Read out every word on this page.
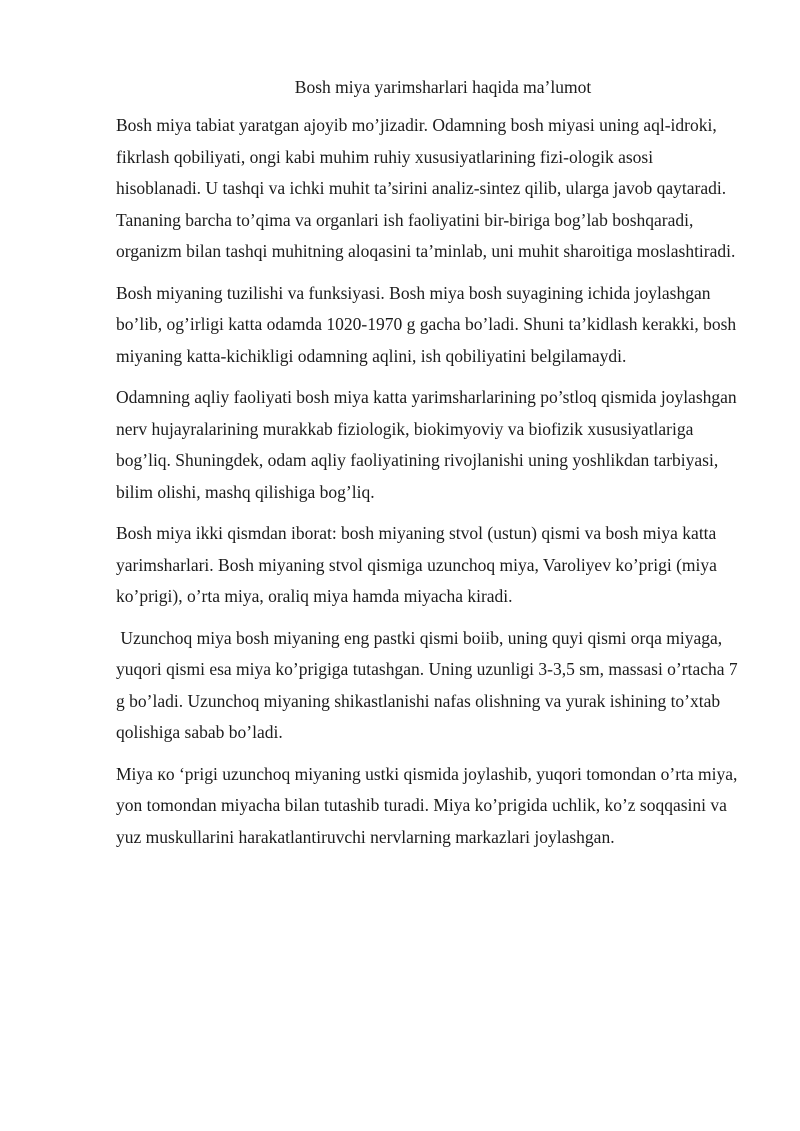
Bosh miya yarimsharlari haqida ma’lumot

Bosh miya tabiat yaratgan ajoyib mo’jizadir. Odamning bosh miyasi uning aql-idroki, fikrlash qobiliyati, ongi kabi muhim ruhiy xususiyatlarining fizi-ologik asosi hisoblanadi. U tashqi va ichki muhit ta’sirini analiz-sintez qilib, ularga javob qaytaradi. Tananing barcha to’qima va organlari ish faoliyatini bir-biriga bog’lab boshqaradi, organizm bilan tashqi muhitning aloqasini ta’minlab, uni muhit sharoitiga moslashtiradi.

Bosh miyaning tuzilishi va funksiyasi. Bosh miya bosh suyagining ichida joylashgan bo’lib, og’irligi katta odamda 1020-1970 g gacha bo’ladi. Shuni ta’kidlash kerakki, bosh miyaning katta-kichikligi odamning aqlini, ish qobiliyatini belgilamaydi.

Odamning aqliy faoliyati bosh miya katta yarimsharlarining po’stloq qismida joylashgan nerv hujayralarining murakkab fiziologik, biokimyoviy va biofizik xususiyatlariga bog’liq. Shuningdek, odam aqliy faoliyatining rivojlanishi uning yoshlikdan tarbiyasi, bilim olishi, mashq qilishiga bog’liq.

Bosh miya ikki qismdan iborat: bosh miyaning stvol (ustun) qismi va bosh miya katta yarimsharlari. Bosh miyaning stvol qismiga uzunchoq miya, Varoliyev ko’prigi (miya ko’prigi), o’rta miya, oraliq miya hamda miyacha kiradi.

Uzunchoq miya bosh miyaning eng pastki qismi boiib, uning quyi qismi orqa miyaga, yuqori qismi esa miya ko’prigiga tutashgan. Uning uzunligi 3-3,5 sm, massasi o’rtacha 7 g bo’ladi. Uzunchoq miyaning shikastlanishi nafas olishning va yurak ishining to’xtab qolishiga sabab bo’ladi.

Miya кo ‘prigi uzunchoq miyaning ustki qismida joylashib, yuqori tomondan o’rta miya, yon tomondan miyacha bilan tutashib turadi. Miya ko’prigida uchlik, ko’z soqqasini va yuz muskullarini harakatlantiruvchi nervlarning markazlari joylashgan.
